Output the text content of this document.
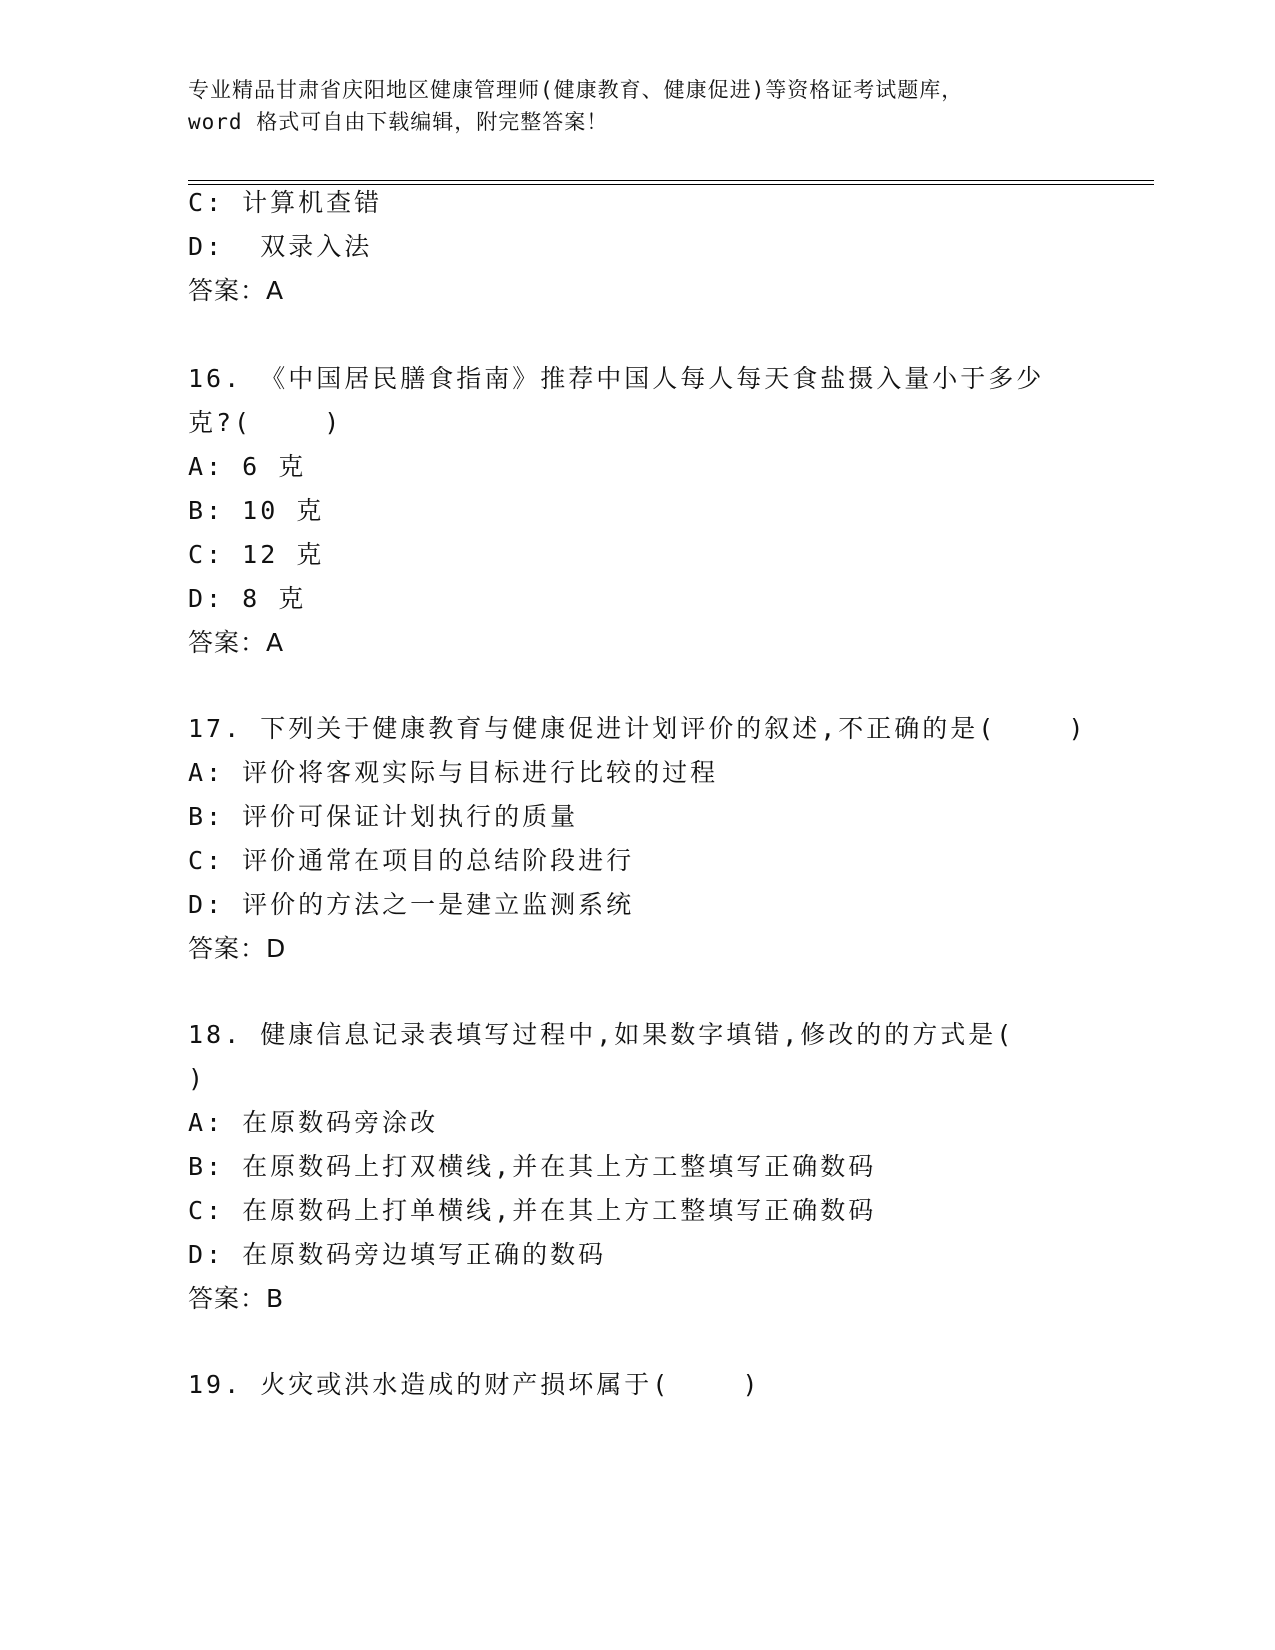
专业精品甘肃省庆阳地区健康管理师(健康教育、健康促进)等资格证考试题库，
word 格式可自由下载编辑，附完整答案！
C: 计算机查错
D:  双录入法
答案：A
16. 《中国居民膳食指南》推荐中国人每人每天食盐摄入量小于多少
克?(    )
A: 6 克
B: 10 克
C: 12 克
D: 8 克
答案：A
17. 下列关于健康教育与健康促进计划评价的叙述,不正确的是(    )
A: 评价将客观实际与目标进行比较的过程
B: 评价可保证计划执行的质量
C: 评价通常在项目的总结阶段进行
D: 评价的方法之一是建立监测系统
答案：D
18. 健康信息记录表填写过程中,如果数字填错,修改的的方式是(
)
A: 在原数码旁涂改
B: 在原数码上打双横线,并在其上方工整填写正确数码
C: 在原数码上打单横线,并在其上方工整填写正确数码
D: 在原数码旁边填写正确的数码
答案：B
19. 火灾或洪水造成的财产损坏属于(    )
